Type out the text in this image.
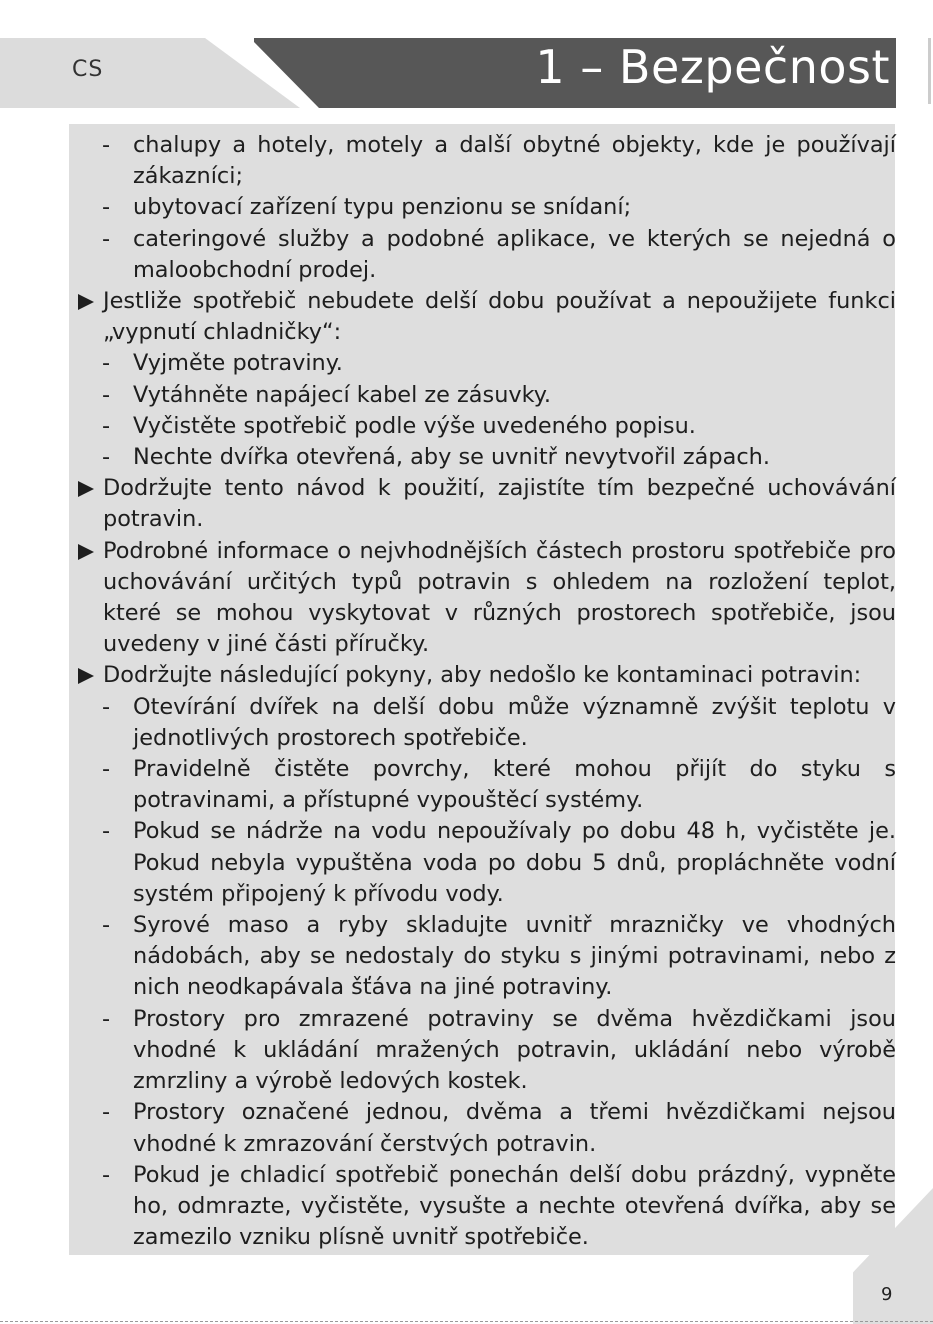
CS	1 – Bezpečnost
- chalupy a hotely, motely a další obytné objekty, kde je používají zákazníci;
- ubytovací zařízení typu penzionu se snídaní;
- cateringové služby a podobné aplikace, ve kterých se nejedná o maloobchodní prodej.
Jestliže spotřebič nebudete delší dobu používat a nepoužijete funkci „vypnutí chladničky“:
- Vyjměte potraviny.
- Vytáhněte napájecí kabel ze zásuvky.
- Vyčistěte spotřebič podle výše uvedeného popisu.
- Nechte dvířka otevřená, aby se uvnitř nevytvořil zápach.
Dodržujte tento návod k použití, zajistíte tím bezpečné uchovávání potravin.
Podrobné informace o nejvhodnějších částech prostoru spotřebiče pro uchovávání určitých typů potravin s ohledem na rozložení teplot, které se mohou vyskytovat v různých prostorech spotřebiče, jsou uvedeny v jiné části příručky.
Dodržujte následující pokyny, aby nedošlo ke kontaminaci potravin:
- Otevírání dvířek na delší dobu může významně zvýšit teplotu v jednotlivých prostorech spotřebiče.
- Pravidelně čistěte povrchy, které mohou přijít do styku s potravinami, a přístupné vypouštěcí systémy.
- Pokud se nádrže na vodu nepoužívaly po dobu 48 h, vyčistěte je. Pokud nebyla vypuštěna voda po dobu 5 dnů, propláchněte vodní systém připojený k přívodu vody.
- Syrové maso a ryby skladujte uvnitř mrazničky ve vhodných nádobách, aby se nedostaly do styku s jinými potravinami, nebo z nich neodkapávala šťáva na jiné potraviny.
- Prostory pro zmrazené potraviny se dvěma hvězdičkami jsou vhodné k ukládání mražených potravin, ukládání nebo výrobě zmrzliny a výrobě ledových kostek.
- Prostory označené jednou, dvěma a třemi hvězdičkami nejsou vhodné k zmrazování čerstvých potravin.
- Pokud je chladicí spotřebič ponechán delší dobu prázdný, vypněte ho, odmrazte, vyčistěte, vysušte a nechte otevřená dvířka, aby se zamezilo vzniku plísně uvnitř spotřebiče.
9
